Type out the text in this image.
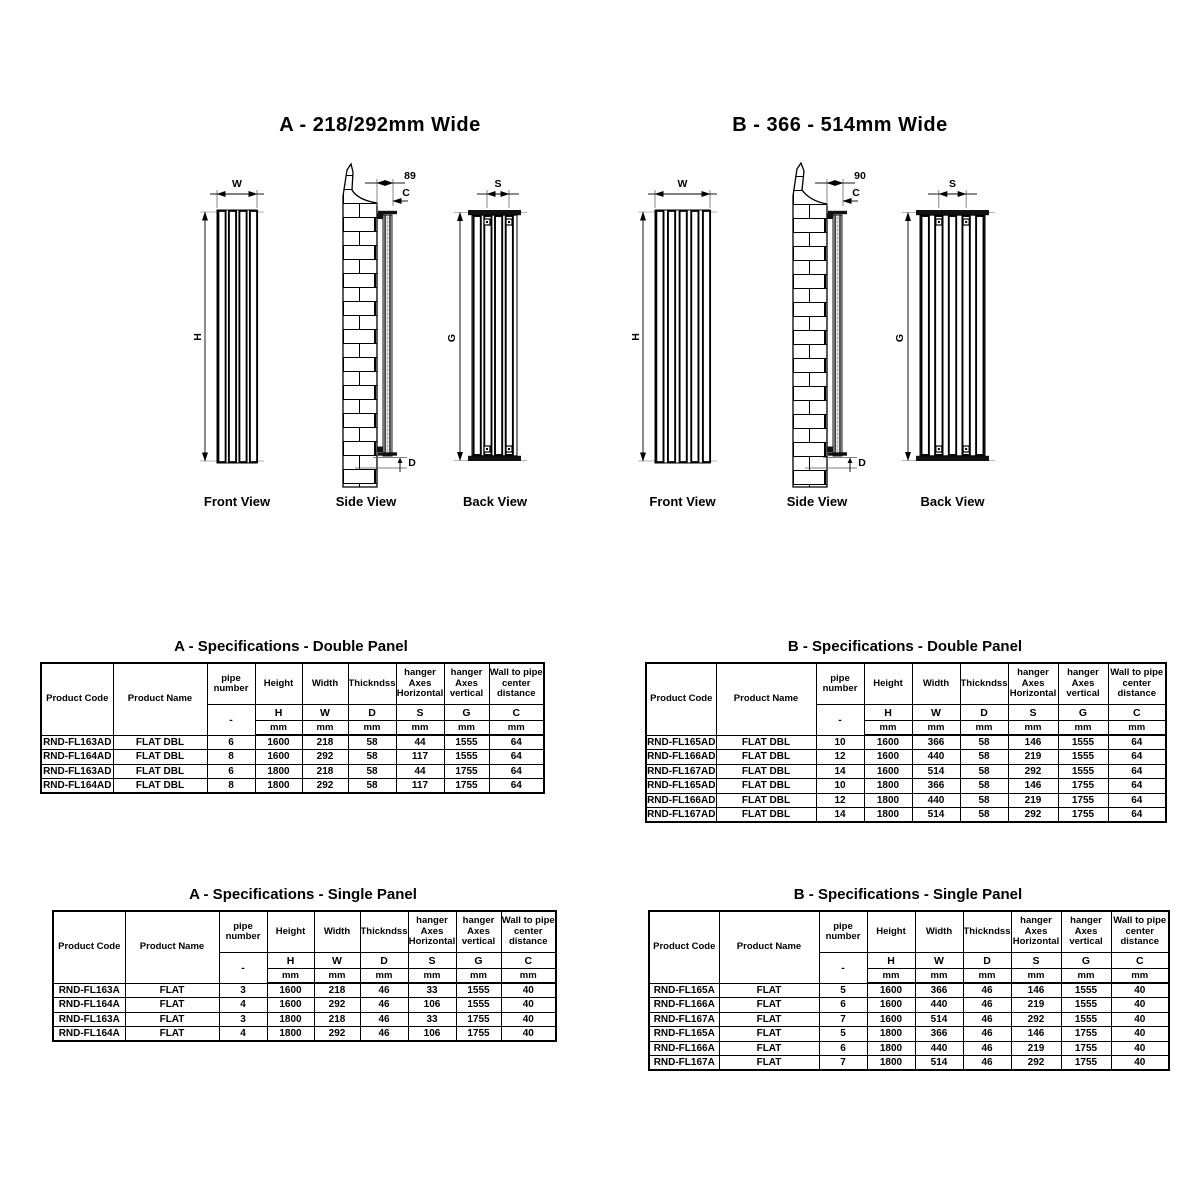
A - 218/292mm Wide	B - 366 - 514mm Wide
W
H
Front View
89
C
D
Side View
S
G
Back View
W
H
Front View
90
C
D
Side View
S
G
Back View
A - Specifications - Double Panel
Product Code	Product Name	pipe number	Height	Width	Thickndss	hanger Axes Horizontal	hanger Axes vertical	Wall to pipe center distance
		-	H	W	D	S	G	C
			mm	mm	mm	mm	mm	mm
RND-FL163AD	FLAT DBL	6	1600	218	58	44	1555	64
RND-FL164AD	FLAT DBL	8	1600	292	58	117	1555	64
RND-FL163AD	FLAT DBL	6	1800	218	58	44	1755	64
RND-FL164AD	FLAT DBL	8	1800	292	58	117	1755	64
B - Specifications - Double Panel
Product Code	Product Name	pipe number	Height	Width	Thickndss	hanger Axes Horizontal	hanger Axes vertical	Wall to pipe center distance
		-	H	W	D	S	G	C
			mm	mm	mm	mm	mm	mm
RND-FL165AD	FLAT DBL	10	1600	366	58	146	1555	64
RND-FL166AD	FLAT DBL	12	1600	440	58	219	1555	64
RND-FL167AD	FLAT DBL	14	1600	514	58	292	1555	64
RND-FL165AD	FLAT DBL	10	1800	366	58	146	1755	64
RND-FL166AD	FLAT DBL	12	1800	440	58	219	1755	64
RND-FL167AD	FLAT DBL	14	1800	514	58	292	1755	64
A - Specifications - Single Panel
Product Code	Product Name	pipe number	Height	Width	Thickndss	hanger Axes Horizontal	hanger Axes vertical	Wall to pipe center distance
		-	H	W	D	S	G	C
			mm	mm	mm	mm	mm	mm
RND-FL163A	FLAT	3	1600	218	46	33	1555	40
RND-FL164A	FLAT	4	1600	292	46	106	1555	40
RND-FL163A	FLAT	3	1800	218	46	33	1755	40
RND-FL164A	FLAT	4	1800	292	46	106	1755	40
B - Specifications - Single Panel
Product Code	Product Name	pipe number	Height	Width	Thickndss	hanger Axes Horizontal	hanger Axes vertical	Wall to pipe center distance
		-	H	W	D	S	G	C
			mm	mm	mm	mm	mm	mm
RND-FL165A	FLAT	5	1600	366	46	146	1555	40
RND-FL166A	FLAT	6	1600	440	46	219	1555	40
RND-FL167A	FLAT	7	1600	514	46	292	1555	40
RND-FL165A	FLAT	5	1800	366	46	146	1755	40
RND-FL166A	FLAT	6	1800	440	46	219	1755	40
RND-FL167A	FLAT	7	1800	514	46	292	1755	40
